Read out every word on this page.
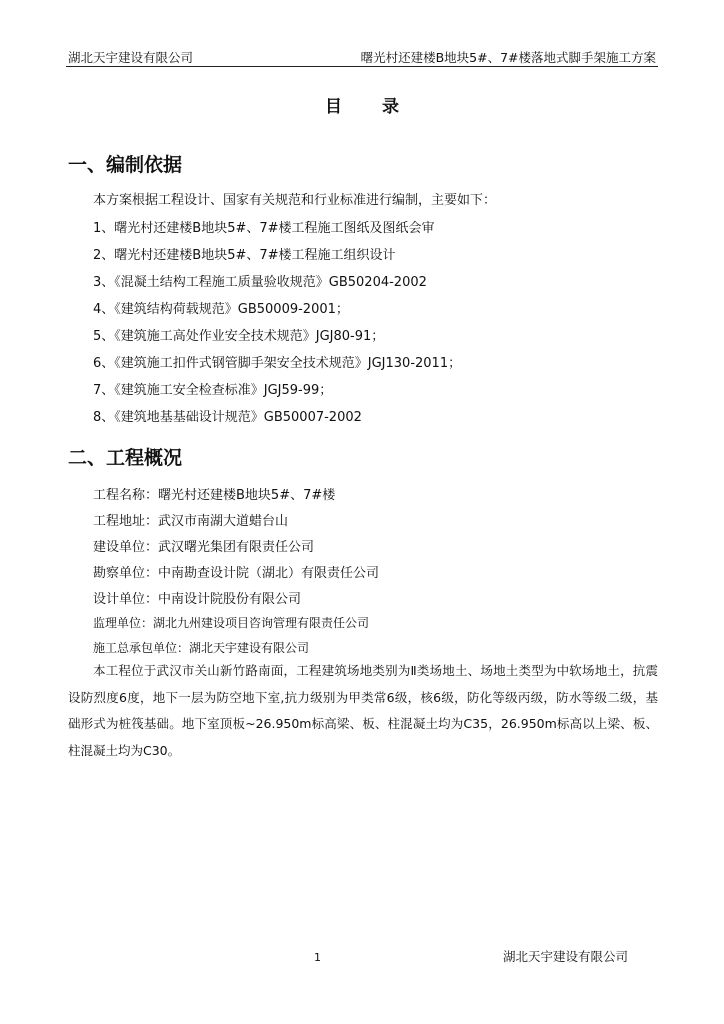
湖北天宇建设有限公司	曙光村还建楼B地块5#、7#楼落地式脚手架施工方案
目录
一、编制依据
本方案根据工程设计、国家有关规范和行业标准进行编制，主要如下：
1、曙光村还建楼B地块5#、7#楼工程施工图纸及图纸会审
2、曙光村还建楼B地块5#、7#楼工程施工组织设计
3、《混凝土结构工程施工质量验收规范》GB50204-2002
4、《建筑结构荷载规范》GB50009-2001；
5、《建筑施工高处作业安全技术规范》JGJ80-91；
6、《建筑施工扣件式钢管脚手架安全技术规范》JGJ130-2011；
7、《建筑施工安全检查标准》JGJ59-99；
8、《建筑地基基础设计规范》GB50007-2002
二、工程概况
工程名称：曙光村还建楼B地块5#、7#楼
工程地址：武汉市南湖大道蜡台山
建设单位：武汉曙光集团有限责任公司
勘察单位：中南勘查设计院（湖北）有限责任公司
设计单位：中南设计院股份有限公司
监理单位：湖北九州建设项目咨询管理有限责任公司
施工总承包单位：湖北天宇建设有限公司
本工程位于武汉市关山新竹路南面，工程建筑场地类别为Ⅱ类场地土、场地土类型为中软场地土，抗震设防烈度6度，地下一层为防空地下室,抗力级别为甲类常6级，核6级，防化等级丙级，防水等级二级，基础形式为桩筏基础。地下室顶板~26.950m标高梁、板、柱混凝土均为C35，26.950m标高以上梁、板、柱混凝土均为C30。
1	湖北天宇建设有限公司
